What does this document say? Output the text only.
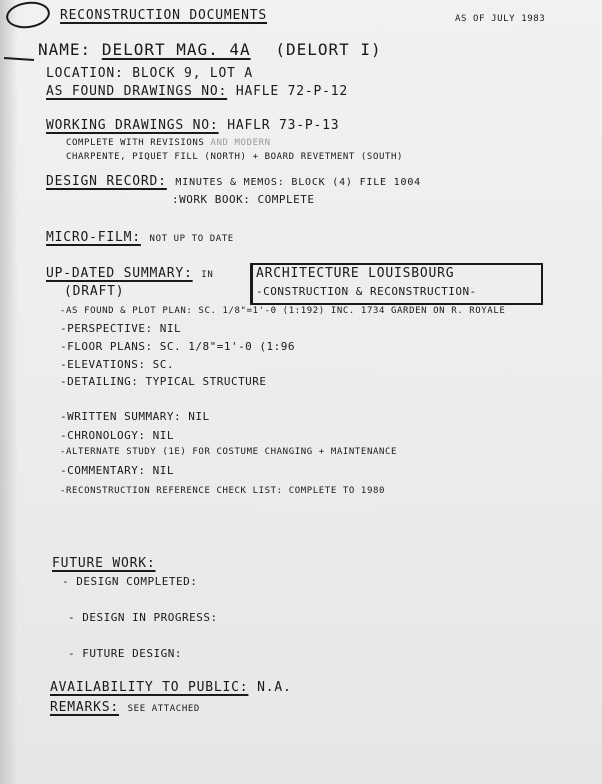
RECONSTRUCTION DOCUMENTS	AS OF JULY 1983
NAME: DELORT MAG. 4A (DELORT I)
LOCATION: BLOCK 9, LOT A
AS FOUND DRAWINGS NO: HAFLE 72-P-12
WORKING DRAWINGS NO: HAFLR 73-P-13
COMPLETE WITH REVISIONS AND MODERN
CHARPENTE, PIQUET FILL (NORTH) + BOARD REVETMENT (SOUTH)
DESIGN RECORD: MINUTES & MEMOS: BLOCK (4) FILE 1004
:WORK BOOK: COMPLETE
MICRO-FILM: NOT UP TO DATE
UP-DATED SUMMARY: IN	ARCHITECTURE LOUISBOURG
-CONSTRUCTION & RECONSTRUCTION-
(DRAFT)
-AS FOUND & PLOT PLAN: SC. 1/8"=1'-0 (1:192) INC. 1734 GARDEN ON R. ROYALE
-PERSPECTIVE: NIL
-FLOOR PLANS: SC. 1/8"=1'-0 (1:96
-ELEVATIONS: SC.
-DETAILING: TYPICAL STRUCTURE
-WRITTEN SUMMARY: NIL
-CHRONOLOGY: NIL
-ALTERNATE STUDY (1E) FOR COSTUME CHANGING + MAINTENANCE
-COMMENTARY: NIL
-RECONSTRUCTION REFERENCE CHECK LIST: COMPLETE TO 1980
FUTURE WORK:
- DESIGN COMPLETED:
- DESIGN IN PROGRESS:
- FUTURE DESIGN:
AVAILABILITY TO PUBLIC: N.A.
REMARKS: SEE ATTACHED
